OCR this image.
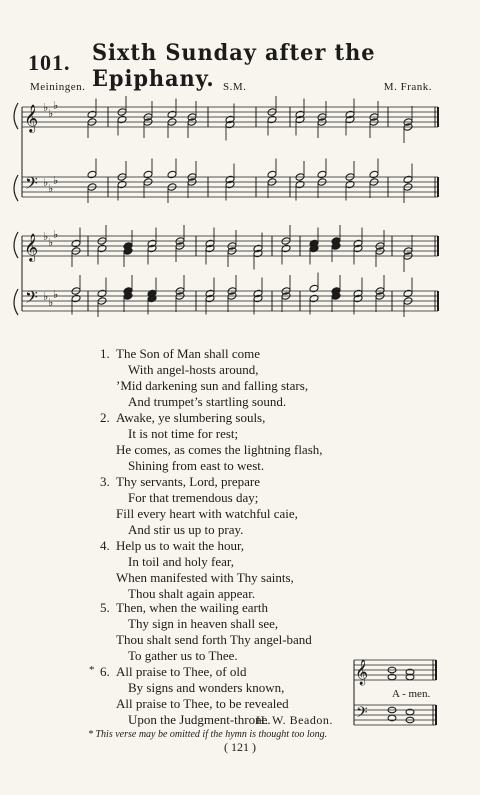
101. Sixth Sunday after the Epiphany.
Meiningen.	S.M.	M. Frank.
𝄞
𝄢
♭
♭
♭
♭
♭
♭
𝄞
𝄢
♭
♭
♭
♭
♭
♭
𝄞
𝄢
A - men.
1. The Son of Man shall come
With angel-hosts around,
’Mid darkening sun and falling stars,
And trumpet’s startling sound.
2. Awake, ye slumbering souls,
It is not time for rest;
He comes, as comes the lightning flash,
Shining from east to west.
3. Thy servants, Lord, prepare
For that tremendous day;
Fill every heart with watchful caie,
And stir us up to pray.
4. Help us to wait the hour,
In toil and holy fear,
When manifested with Thy saints,
Thou shalt again appear.
5. Then, when the wailing earth
Thy sign in heaven shall see,
Thou shalt send forth Thy angel-band
To gather us to Thee.
* 6. All praise to Thee, of old
By signs and wonders known,
All praise to Thee, to be revealed
Upon the Judgment-throne.
H. W. Beadon.
* This verse may be omitted if the hymn is thought too long.
( 121 )
